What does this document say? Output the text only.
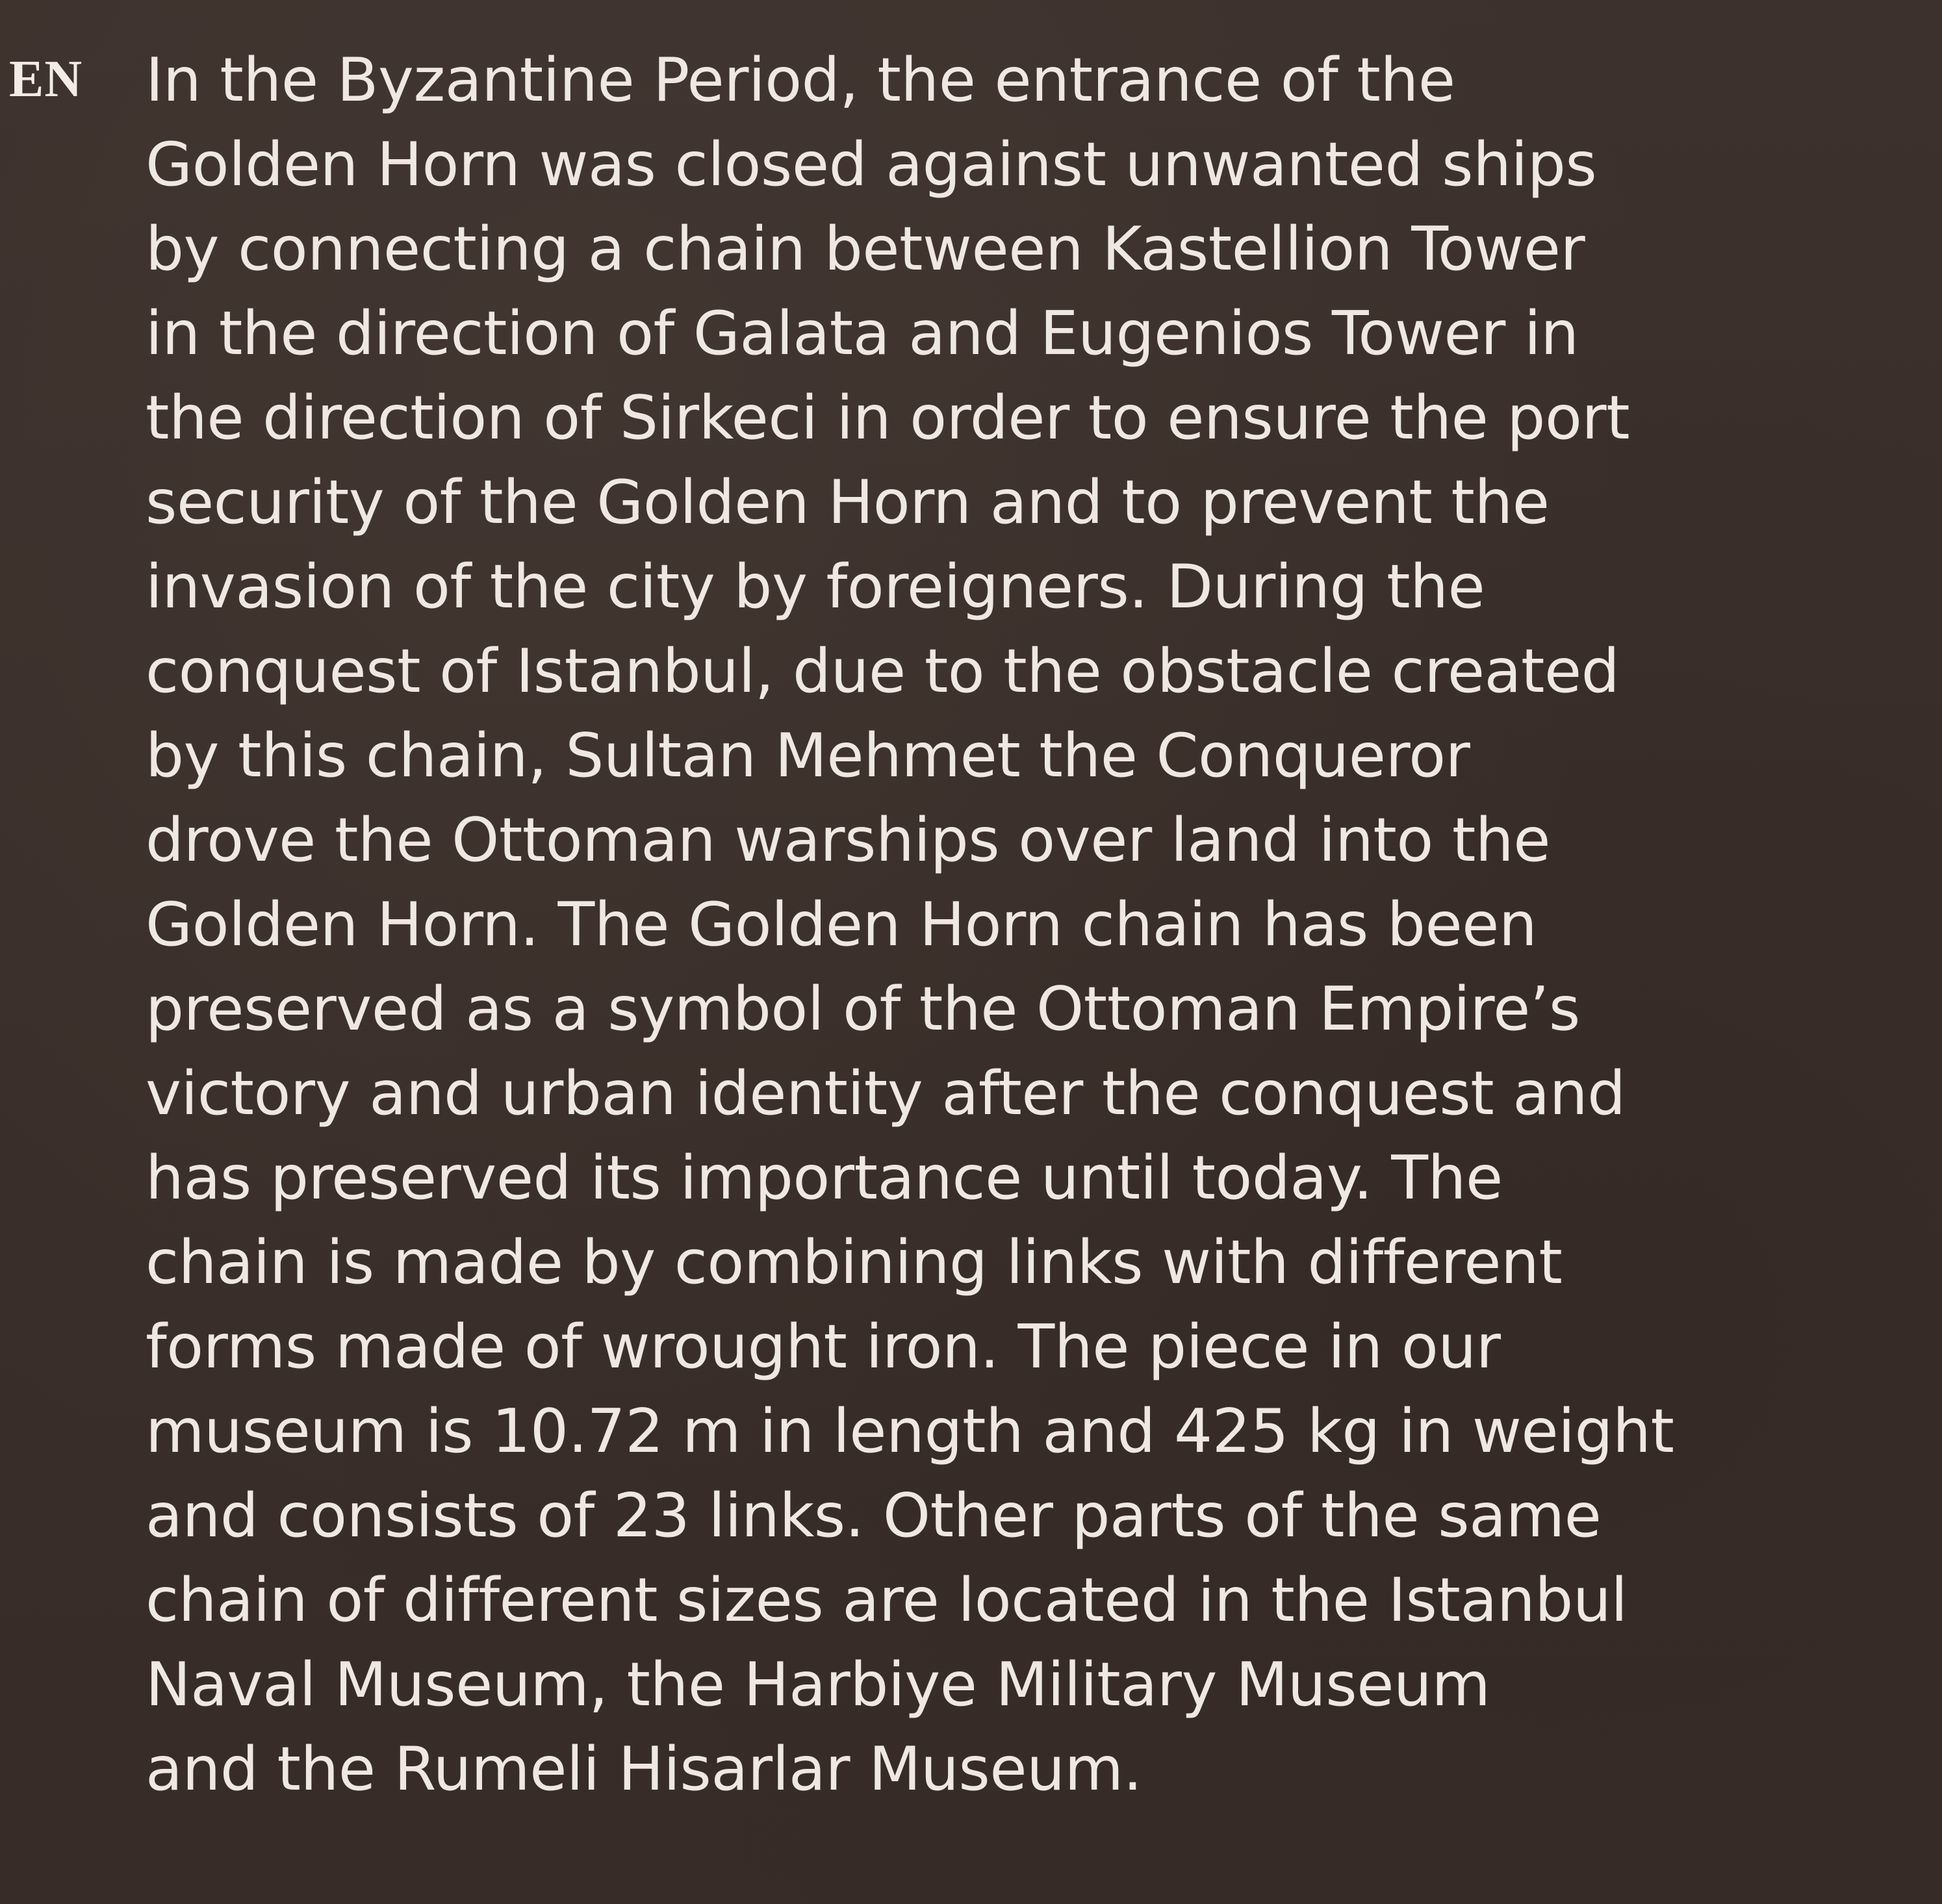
EN In the Byzantine Period, the entrance of the
Golden Horn was closed against unwanted ships
by connecting a chain between Kastellion Tower
in the direction of Galata and Eugenios Tower in
the direction of Sirkeci in order to ensure the port
security of the Golden Horn and to prevent the
invasion of the city by foreigners. During the
conquest of Istanbul, due to the obstacle created
by this chain, Sultan Mehmet the Conqueror
drove the Ottoman warships over land into the
Golden Horn. The Golden Horn chain has been
preserved as a symbol of the Ottoman Empire’s
victory and urban identity after the conquest and
has preserved its importance until today. The
chain is made by combining links with different
forms made of wrought iron. The piece in our
museum is 10.72 m in length and 425 kg in weight
and consists of 23 links. Other parts of the same
chain of different sizes are located in the Istanbul
Naval Museum, the Harbiye Military Museum
and the Rumeli Hisarlar Museum.
